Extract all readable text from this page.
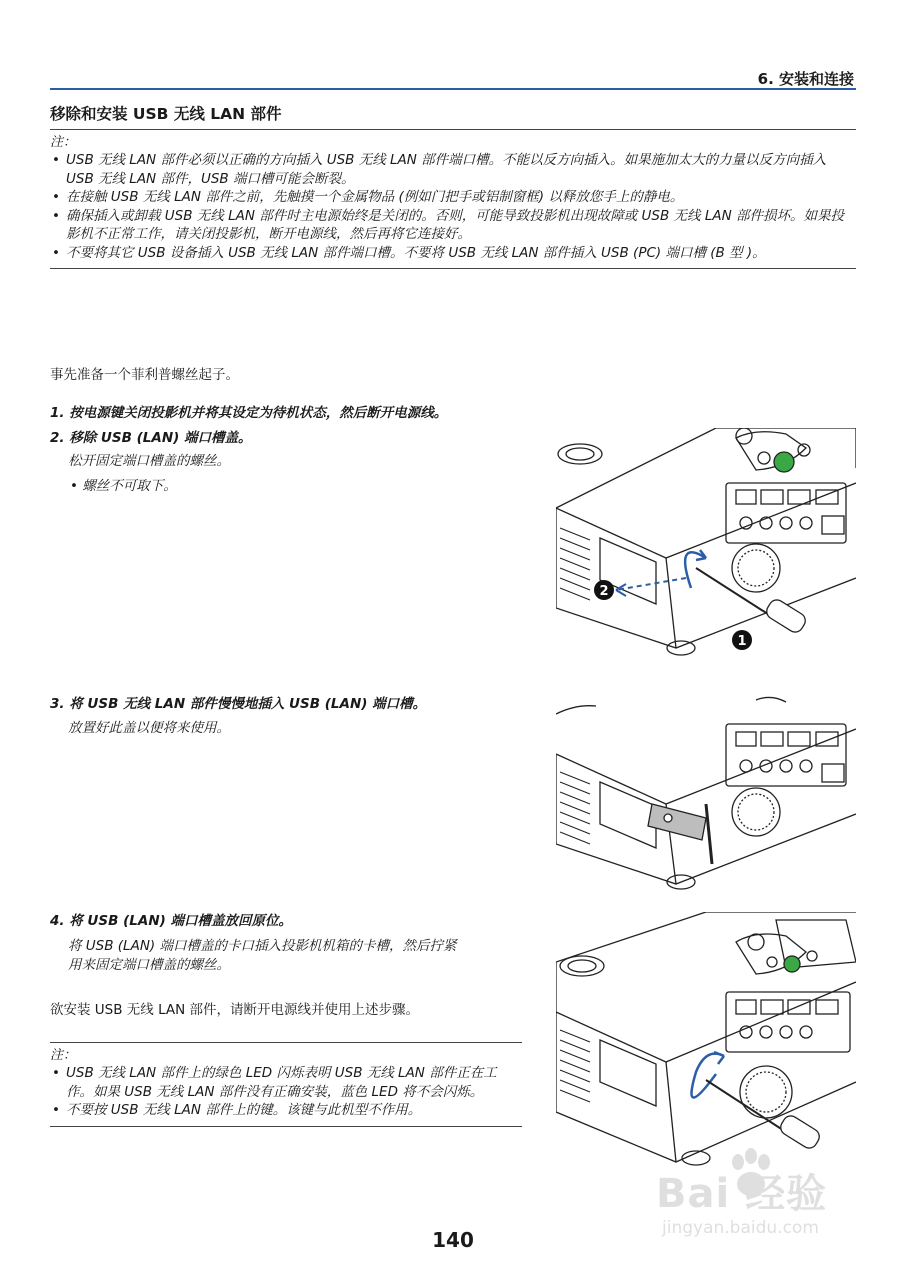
6. 安装和连接
移除和安装 USB 无线 LAN 部件
注：
• USB 无线 LAN 部件必须以正确的方向插入 USB 无线 LAN 部件端口槽。不能以反方向插入。如果施加太大的力量以反方向插入 USB 无线 LAN 部件，USB 端口槽可能会断裂。
• 在接触 USB 无线 LAN 部件之前，先触摸一个金属物品 (例如门把手或铝制窗框) 以释放您手上的静电。
• 确保插入或卸载 USB 无线 LAN 部件时主电源始终是关闭的。否则，可能导致投影机出现故障或 USB 无线 LAN 部件损坏。如果投影机不正常工作，请关闭投影机，断开电源线，然后再将它连接好。
• 不要将其它 USB 设备插入 USB 无线 LAN 部件端口槽。不要将 USB 无线 LAN 部件插入 USB (PC) 端口槽 (B 型 )。
事先准备一个菲利普螺丝起子。
1. 按电源键关闭投影机并将其设定为待机状态，然后断开电源线。
2. 移除 USB (LAN) 端口槽盖。
松开固定端口槽盖的螺丝。
• 螺丝不可取下。
2
1
3. 将 USB 无线 LAN 部件慢慢地插入 USB (LAN) 端口槽。
放置好此盖以便将来使用。
4. 将 USB (LAN) 端口槽盖放回原位。
将 USB (LAN) 端口槽盖的卡口插入投影机机箱的卡槽，然后拧紧
用来固定端口槽盖的螺丝。
欲安装 USB 无线 LAN 部件，请断开电源线并使用上述步骤。
注：
• USB 无线 LAN 部件上的绿色 LED 闪烁表明 USB 无线 LAN 部件正在工作。如果 USB 无线 LAN 部件没有正确安装，蓝色 LED 将不会闪烁。
• 不要按 USB 无线 LAN 部件上的键。该键与此机型不作用。
Bai 经验
jingyan.baidu.com
140
